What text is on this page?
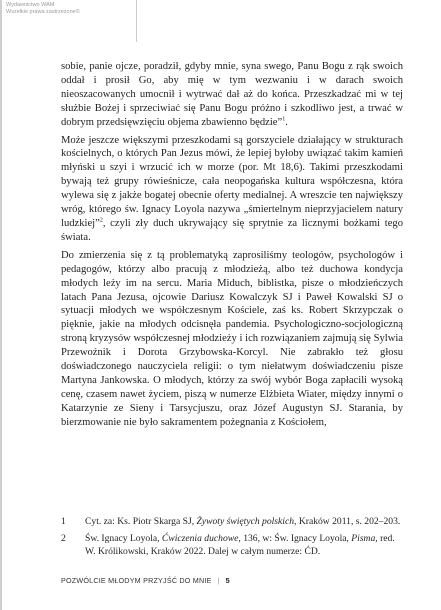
Wydawnictwo WAM
Wszelkie prawa zastrzeżone©

sobie, panie ojcze, poradził, gdyby mnie, syna swego, Panu Bogu z rąk swoich oddał i prosił Go, aby mię w tym wezwaniu i w darach swoich nieoszacowanych umocnił i wytrwać dał aż do końca. Przeszkadzać mi w tej służbie Bożej i sprzeciwiać się Panu Bogu próżno i szkodliwo jest, a trwać w dobrym przedsięwzięciu objema zbawienno będzie”$^1$.

Może jeszcze większymi przeszkodami są gorszyciele działający w strukturach kościelnych, o których Pan Jezus mówi, że lepiej byłoby uwiązać takim kamień młyński u szyi i wrzucić ich w morze (por. Mt 18,6). Takimi przeszkodami bywają też grupy rówieśnicze, cała neopogańska kultura współczesna, która wylewa się z jakże bogatej obecnie oferty medialnej. A wreszcie ten największy wróg, którego św. Ignacy Loyola nazywa „śmiertelnym nieprzyjacielem natury ludzkiej”$^2$, czyli zły duch ukrywający się sprytnie za licznymi bożkami tego świata.

Do zmierzenia się z tą problematyką zaprosiliśmy teologów, psychologów i pedagogów, którzy albo pracują z młodzieżą, albo też duchowa kondycja młodych leży im na sercu. Maria Miduch, biblistka, pisze o młodzieńczych latach Pana Jezusa, ojcowie Dariusz Kowalczyk SJ i Paweł Kowalski SJ o sytuacji młodych we współczesnym Kościele, zaś ks. Robert Skrzypczak o pięknie, jakie na młodych odcisnęła pandemia. Psychologiczno-socjologiczną stroną kryzysów współczesnej młodzieży i ich rozwiązaniem zajmują się Sylwia Przewoźnik i Dorota Grzybowska-Korcyl. Nie zabrakło też głosu doświadczonego nauczyciela religii: o tym niełatwym doświadczeniu pisze Martyna Jankowska. O młodych, którzy za swój wybór Boga zapłacili wysoką cenę, czasem nawet życiem, piszą w numerze Elżbieta Wiater, między innymi o Katarzynie ze Sieny i Tarsycjuszu, oraz Józef Augustyn SJ. Starania, by bierzmowanie nie było sakramentem pożegnania z Kościołem,

1	Cyt. za: Ks. Piotr Skarga SJ, Żywoty świętych polskich, Kraków 2011, s. 202–203.
2	Św. Ignacy Loyola, Ćwiczenia duchowe, 136, w: Św. Ignacy Loyola, Pisma, red. W. Królikowski, Kraków 2022. Dalej w całym numerze: ĆD.
POZWÓLCIE MŁODYM PRZYJŚĆ DO MNIE | 5
